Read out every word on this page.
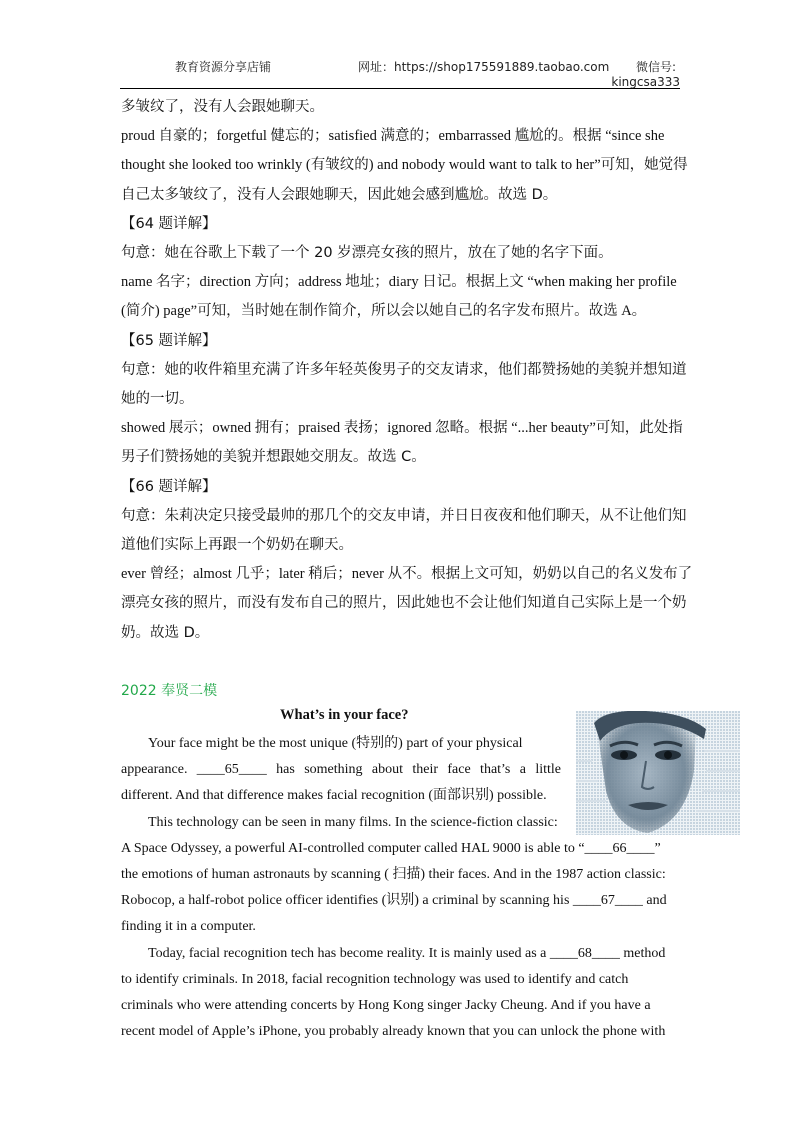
教育资源分享店铺	网址：https://shop175591889.taobao.com 微信号:
kingcsa333

多皱纹了，没有人会跟她聊天。

proud 自豪的；forgetful 健忘的；satisfied 满意的；embarrassed 尴尬的。根据 “since she

thought she looked too wrinkly (有皱纹的) and nobody would want to talk to her”可知，她觉得

自己太多皱纹了，没有人会跟她聊天，因此她会感到尴尬。故选 D。

【64 题详解】

句意：她在谷歌上下载了一个 20 岁漂亮女孩的照片，放在了她的名字下面。

name 名字；direction 方向；address 地址；diary 日记。根据上文 “when making her profile

(简介) page”可知，当时她在制作简介，所以会以她自己的名字发布照片。故选 A。

【65 题详解】

句意：她的收件箱里充满了许多年轻英俊男子的交友请求，他们都赞扬她的美貌并想知道

她的一切。

showed 展示；owned 拥有；praised 表扬；ignored 忽略。根据 “...her beauty”可知，此处指

男子们赞扬她的美貌并想跟她交朋友。故选 C。

【66 题详解】

句意：朱莉决定只接受最帅的那几个的交友申请，并日日夜夜和他们聊天，从不让他们知

道他们实际上再跟一个奶奶在聊天。

ever 曾经；almost 几乎；later 稍后；never 从不。根据上文可知，奶奶以自己的名义发布了

漂亮女孩的照片，而没有发布自己的照片，因此她也不会让他们知道自己实际上是一个奶

奶。故选 D。

2022 奉贤二模
What’s in your face?

Your face might be the most unique (特别的) part of your physical

appearance. ____65____ has something about their face that’s a little

different. And that difference makes facial recognition (面部识别) possible.

This technology can be seen in many films. In the science-fiction classic:

A Space Odyssey, a powerful AI-controlled computer called HAL 9000 is able to “____66____”

the emotions of human astronauts by scanning ( 扫描) their faces. And in the 1987 action classic:

Robocop, a half-robot police officer identifies (识别) a criminal by scanning his ____67____ and

finding it in a computer.

Today, facial recognition tech has become reality. It is mainly used as a ____68____ method

to identify criminals. In 2018, facial recognition technology was used to identify and catch

criminals who were attending concerts by Hong Kong singer Jacky Cheung. And if you have a

recent model of Apple’s iPhone, you probably already known that you can unlock the phone with
